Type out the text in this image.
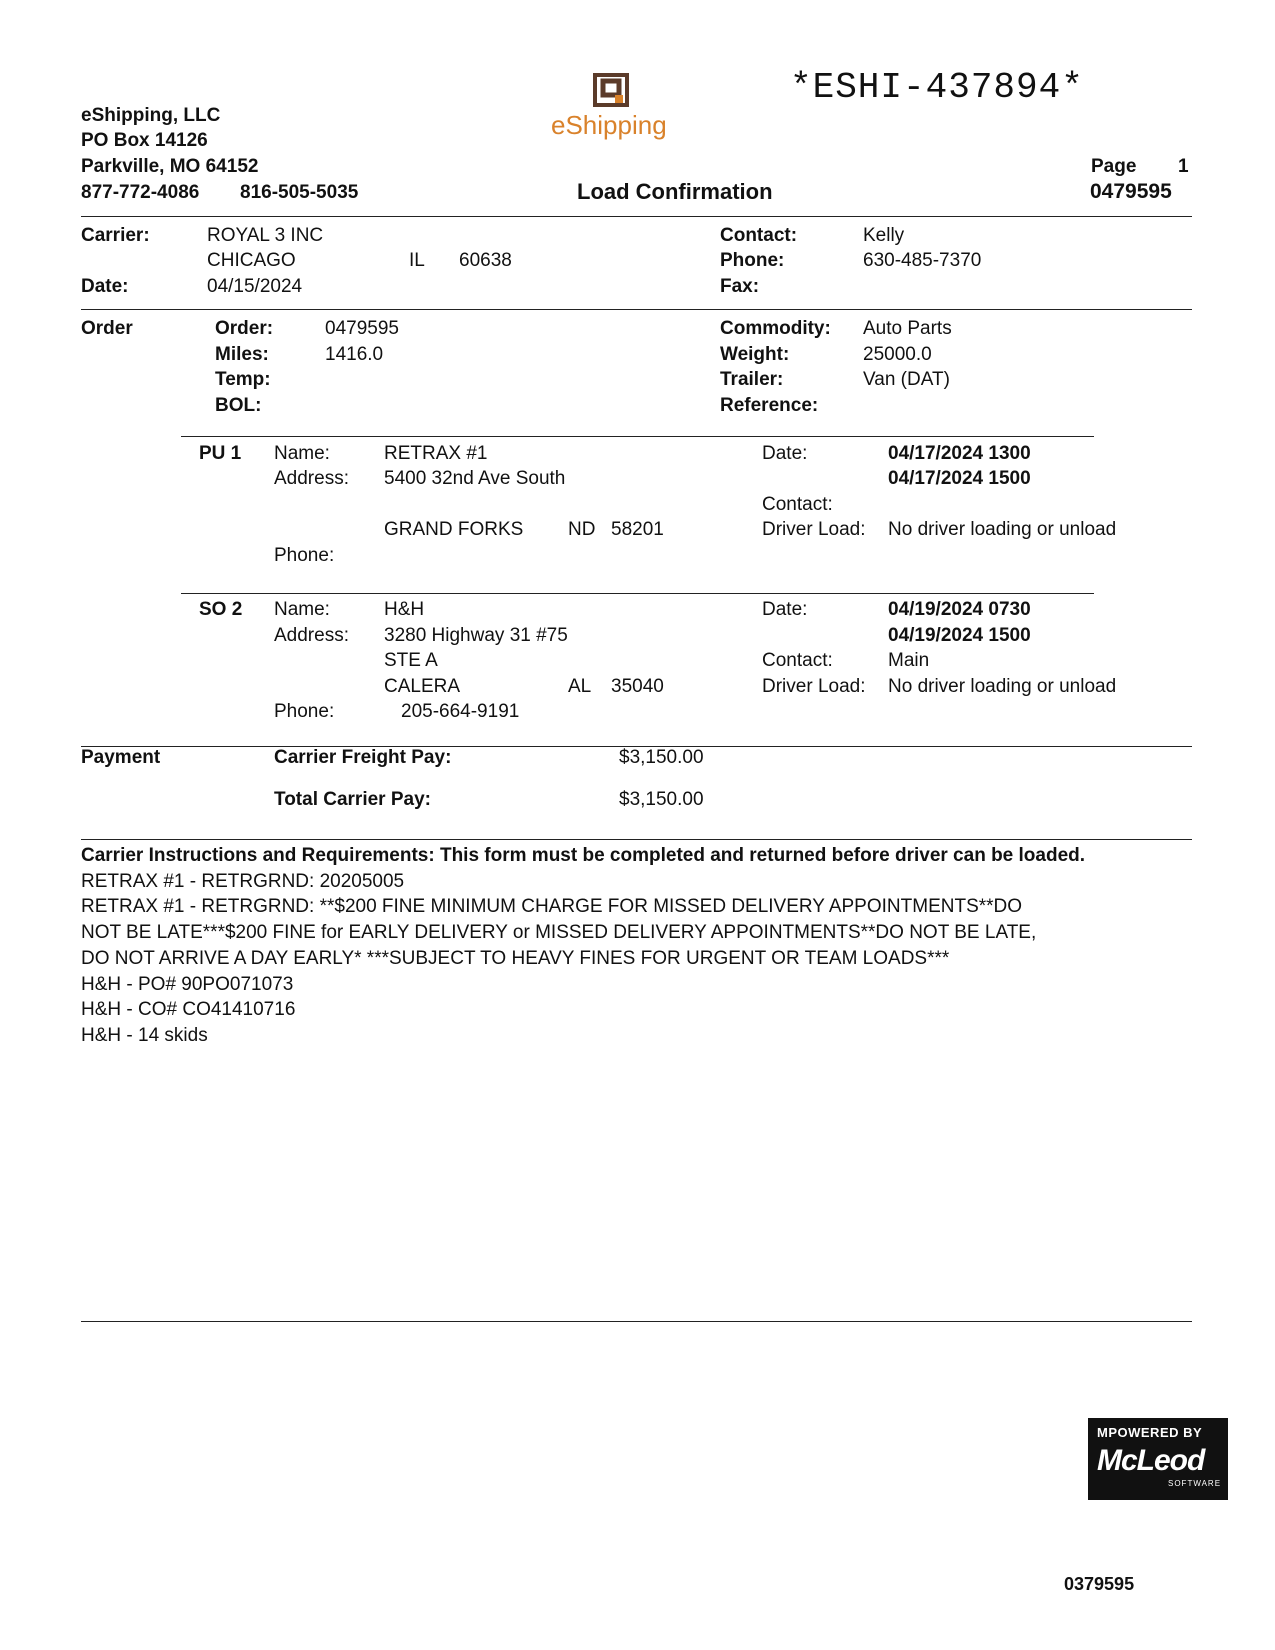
eShipping, LLC
PO Box 14126
Parkville, MO 64152
877-772-4086 816-505-5035
eShipping
*ESHI-437894*
Load Confirmation
Page 1
0479595
Carrier:	ROYAL 3 INC
CHICAGO	IL 60638
Date:	04/15/2024
Contact:	Kelly
Phone:	630-485-7370
Fax:
Order	Order:	0479595
Miles:	1416.0
Temp:
BOL:
Commodity: Auto Parts
Weight:	25000.0
Trailer:	Van (DAT)
Reference:
PU 1 Name:	RETRAX #1
Address: 5400 32nd Ave South
GRAND FORKS ND 58201
Phone:
Date:	04/17/2024 1300
04/17/2024 1500
Contact:
Driver Load: No driver loading or unload
SO 2 Name:	H&H
Address: 3280 Highway 31 #75
STE A
CALERA	AL 35040
Phone:	205-664-9191
Date:	04/19/2024 0730
04/19/2024 1500
Contact:	Main
Driver Load: No driver loading or unload
Payment	Carrier Freight Pay:	$3,150.00
Total Carrier Pay:	$3,150.00
Carrier Instructions and Requirements: This form must be completed and returned before driver can be loaded.
RETRAX #1 - RETRGRND: 20205005
RETRAX #1 - RETRGRND: **$200 FINE MINIMUM CHARGE FOR MISSED DELIVERY APPOINTMENTS**DO
NOT BE LATE***$200 FINE for EARLY DELIVERY or MISSED DELIVERY APPOINTMENTS**DO NOT BE LATE,
DO NOT ARRIVE A DAY EARLY* ***SUBJECT TO HEAVY FINES FOR URGENT OR TEAM LOADS***
H&H - PO# 90PO071073
H&H - CO# CO41410716
H&H - 14 skids
MPOWERED BY
McLeod
SOFTWARE
0379595
